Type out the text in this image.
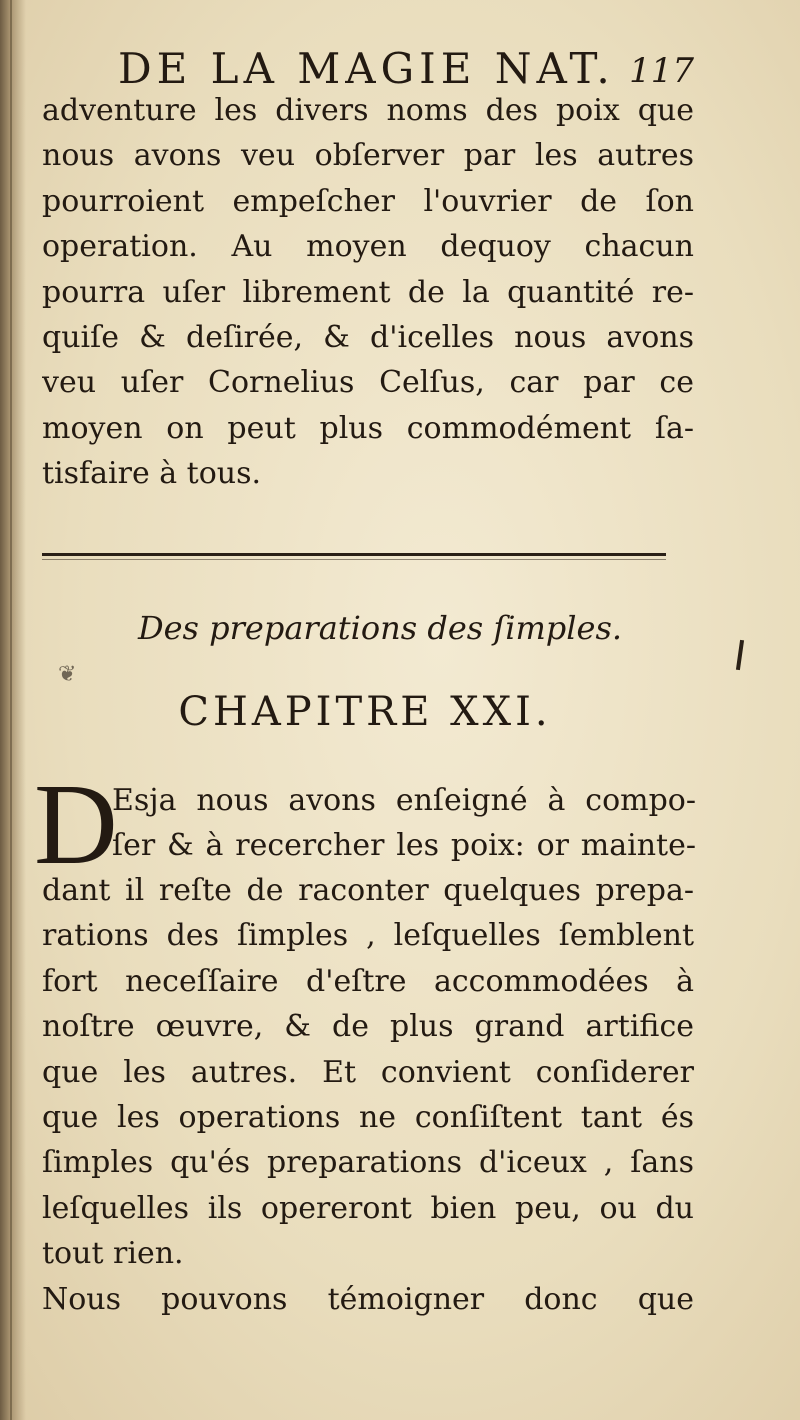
DE LA MAGIE NAT. 117
adventure les divers noms des poix que
nous avons veu obſerver par les autres
pourroient empeſcher l'ouvrier de ſon
operation. Au moyen dequoy chacun
pourra uſer librement de la quantité re-
quiſe & deſirée, & d'icelles nous avons
veu uſer Cornelius Celſus, car par ce
moyen on peut plus commodément ſa-
tisfaire à tous.
Des preparations des ſimples.
❦
CHAPITRE XXI.
D
Esja nous avons enſeigné à compo-
ſer & à recercher les poix: or mainte-
dant il reſte de raconter quelques prepa-
rations des ſimples , leſquelles ſemblent
fort neceſſaire d'eſtre accommodées à
noſtre œuvre, & de plus grand artifice
que les autres. Et convient conſiderer
que les operations ne conſiſtent tant és
ſimples qu'és preparations d'iceux , ſans
leſquelles ils opereront bien peu, ou du
tout rien.
Nous pouvons témoigner donc que
